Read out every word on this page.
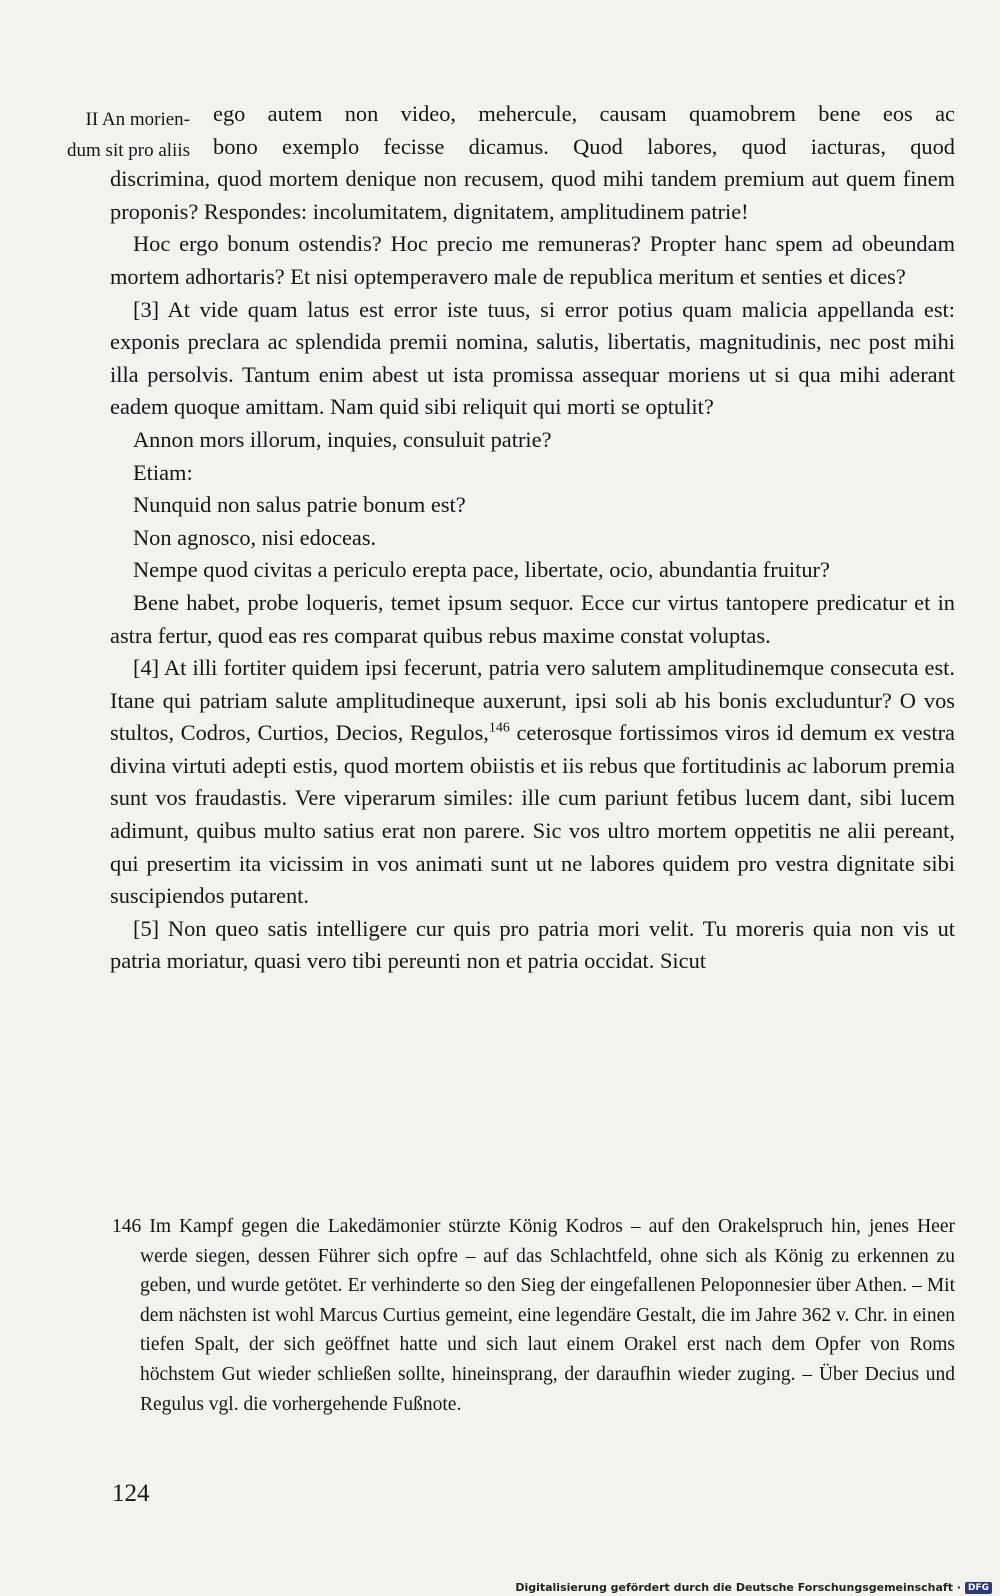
II An morien-
dum sit pro aliis

ego autem non video, mehercule, causam quamobrem bene eos ac

bono exemplo fecisse dicamus. Quod labores, quod iacturas, quod

discrimina, quod mortem denique non recusem, quod mihi tandem premium aut quem finem proponis? Respondes: incolumitatem, dignitatem, amplitudinem patrie!

Hoc ergo bonum ostendis? Hoc precio me remuneras? Propter hanc spem ad obeundam mortem adhortaris? Et nisi optemperavero male de republica meritum et senties et dices?

[3] At vide quam latus est error iste tuus, si error potius quam malicia appellanda est: exponis preclara ac splendida premii nomina, salutis, libertatis, magnitudinis, nec post mihi illa persolvis. Tantum enim abest ut ista promissa assequar moriens ut si qua mihi aderant eadem quoque amittam. Nam quid sibi reliquit qui morti se optulit?

Annon mors illorum, inquies, consuluit patrie?

Etiam:

Nunquid non salus patrie bonum est?

Non agnosco, nisi edoceas.

Nempe quod civitas a periculo erepta pace, libertate, ocio, abundantia fruitur?

Bene habet, probe loqueris, temet ipsum sequor. Ecce cur virtus tantopere predicatur et in astra fertur, quod eas res comparat quibus rebus maxime constat voluptas.

[4] At illi fortiter quidem ipsi fecerunt, patria vero salutem amplitudinemque consecuta est. Itane qui patriam salute amplitudineque auxerunt, ipsi soli ab his bonis excluduntur? O vos stultos, Codros, Curtios, Decios, Regulos,$^{146}$ ceterosque fortissimos viros id demum ex vestra divina virtuti adepti estis, quod mortem obiistis et iis rebus que fortitudinis ac laborum premia sunt vos fraudastis. Vere viperarum similes: ille cum pariunt fetibus lucem dant, sibi lucem adimunt, quibus multo satius erat non parere. Sic vos ultro mortem oppetitis ne alii pereant, qui presertim ita vicissim in vos animati sunt ut ne labores quidem pro vestra dignitate sibi suscipiendos putarent.

[5] Non queo satis intelligere cur quis pro patria mori velit. Tu moreris quia non vis ut patria moriatur, quasi vero tibi pereunti non et patria occidat. Sicut

146 Im Kampf gegen die Lakedämonier stürzte König Kodros – auf den Orakelspruch hin, jenes Heer werde siegen, dessen Führer sich opfre – auf das Schlachtfeld, ohne sich als König zu erkennen zu geben, und wurde getötet. Er verhinderte so den Sieg der eingefallenen Peloponnesier über Athen. – Mit dem nächsten ist wohl Marcus Curtius gemeint, eine legendäre Gestalt, die im Jahre 362 v. Chr. in einen tiefen Spalt, der sich geöffnet hatte und sich laut einem Orakel erst nach dem Opfer von Roms höchstem Gut wieder schließen sollte, hineinsprang, der daraufhin wieder zuging. – Über Decius und Regulus vgl. die vorhergehende Fußnote.

124
Digitalisierung gefördert durch die Deutsche Forschungsgemeinschaft · DFG
